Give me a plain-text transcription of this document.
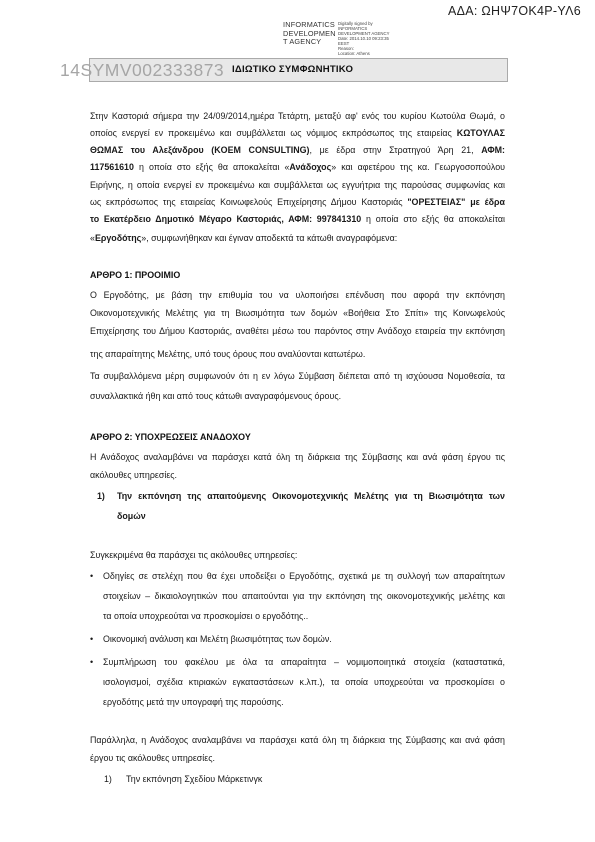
ΑΔΑ: ΩΗΨ7ΟΚ4Ρ-ΥΛ6
INFORMATICS
DEVELOPMEN
T AGENCY
Digitally signed by
INFORMATICS
DEVELOPMENT AGENCY
Date: 2014.10.10 09:23:35
EEST
Reason:
Location: Athens
14SYMV002333873 ΙΔΙΩΤΙΚΟ ΣΥΜΦΩΝΗΤΙΚΟ
Στην Καστοριά σήμερα την 24/09/2014,ημέρα Τετάρτη, μεταξύ αφ' ενός του κυρίου Κωτούλα Θωμά, ο
οποίος ενεργεί εν προκειμένω και συμβάλλεται ως νόμιμος εκπρόσωπος της εταιρείας ΚΩΤΟΥΛΑΣ
ΘΩΜΑΣ του Αλεξάνδρου (KOEM CONSULTING), με έδρα στην Στρατηγού Άρη 21, ΑΦΜ:
117561610 η οποία στο εξής θα αποκαλείται «Ανάδοχος» και αφετέρου της κα. Γεωργοσοπούλου
Ειρήνης, η οποία ενεργεί εν προκειμένω και συμβάλλεται ως εγγυήτρια της παρούσας συμφωνίας και
ως εκπρόσωπος της εταιρείας Κοινωφελούς Επιχείρησης Δήμου Καστοριάς "ΟΡΕΣΤΕΙΑΣ" με έδρα
το Εκατέρδειο Δημοτικό Μέγαρο Καστοριάς, ΑΦΜ: 997841310 η οποία στο εξής θα αποκαλείται
«Εργοδότης», συμφωνήθηκαν και έγιναν αποδεκτά τα κάτωθι αναγραφόμενα:
ΑΡΘΡΟ 1: ΠΡΟΟΙΜΙΟ
Ο Εργοδότης, με βάση την επιθυμία του να υλοποιήσει επένδυση που αφορά την εκπόνηση
Οικονομοτεχνικής Μελέτης για τη Βιωσιμότητα των δομών «Βοήθεια Στο Σπίτι» της Κοινωφελούς
Επιχείρησης του Δήμου Καστοριάς, αναθέτει μέσω του παρόντος στην Ανάδοχο εταιρεία την εκπόνηση
της απαραίτητης Μελέτης, υπό τους όρους που αναλύονται κατωτέρω.
Τα συμβαλλόμενα μέρη συμφωνούν ότι η εν λόγω Σύμβαση διέπεται από τη ισχύουσα Νομοθεσία, τα
συναλλακτικά ήθη και από τους κάτωθι αναγραφόμενους όρους.
ΑΡΘΡΟ 2: ΥΠΟΧΡΕΩΣΕΙΣ ΑΝΑΔΟΧΟΥ
Η Ανάδοχος αναλαμβάνει να παράσχει κατά όλη τη διάρκεια της Σύμβασης και ανά φάση έργου τις
ακόλουθες υπηρεσίες.
1) Την εκπόνηση της απαιτούμενης Οικονομοτεχνικής Μελέτης για τη Βιωσιμότητα των
δομών
Συγκεκριμένα θα παράσχει τις ακόλουθες υπηρεσίες:
• Οδηγίες σε στελέχη που θα έχει υποδείξει ο Εργοδότης, σχετικά με τη συλλογή των απαραίτητων
στοιχείων – δικαιολογητικών που απαιτούνται για την εκπόνηση της οικονομοτεχνικής μελέτης και
τα οποία υποχρεούται να προσκομίσει ο εργοδότης..
• Οικονομική ανάλυση και Μελέτη βιωσιμότητας των δομών.
• Συμπλήρωση του φακέλου με όλα τα απαραίτητα – νομιμοποιητικά στοιχεία (καταστατικά,
ισολογισμοί, σχέδια κτιριακών εγκαταστάσεων κ.λπ.), τα οποία υποχρεούται να προσκομίσει ο
εργοδότης μετά την υπογραφή της παρούσης.
Παράλληλα, η Ανάδοχος αναλαμβάνει να παράσχει κατά όλη τη διάρκεια της Σύμβασης και ανά φάση
έργου τις ακόλουθες υπηρεσίες.
1) Την εκπόνηση Σχεδίου Μάρκετινγκ
